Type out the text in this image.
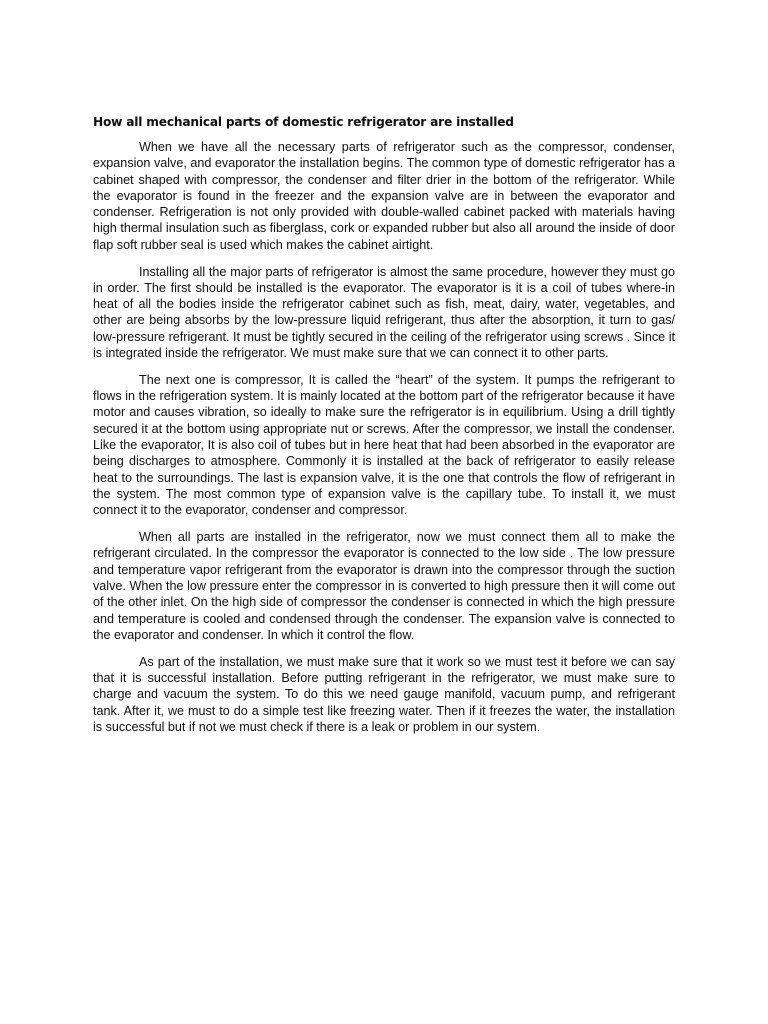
How all mechanical parts of domestic refrigerator are installed

When we have all the necessary parts of refrigerator such as the compressor, condenser, expansion valve, and evaporator the installation begins. The common type of domestic refrigerator has a cabinet shaped with compressor, the condenser and filter drier in the bottom of the refrigerator. While the evaporator is found in the freezer and the expansion valve are in between the evaporator and condenser. Refrigeration is not only provided with double-walled cabinet packed with materials having high thermal insulation such as fiberglass, cork or expanded rubber but also all around the inside of door flap soft rubber seal is used which makes the cabinet airtight.

Installing all the major parts of refrigerator is almost the same procedure, however they must go in order. The first should be installed is the evaporator. The evaporator is it is a coil of tubes where-in heat of all the bodies inside the refrigerator cabinet such as fish, meat, dairy, water, vegetables, and other are being absorbs by the low-pressure liquid refrigerant, thus after the absorption, it turn to gas/ low-pressure refrigerant. It must be tightly secured in the ceiling of the refrigerator using screws . Since it is integrated inside the refrigerator. We must make sure that we can connect it to other parts.

The next one is compressor, It is called the “heart” of the system. It pumps the refrigerant to flows in the refrigeration system. It is mainly located at the bottom part of the refrigerator because it have motor and causes vibration, so ideally to make sure the refrigerator is in equilibrium. Using a drill tightly secured it at the bottom using appropriate nut or screws. After the compressor, we install the condenser. Like the evaporator, It is also coil of tubes but in here heat that had been absorbed in the evaporator are being discharges to atmosphere. Commonly it is installed at the back of refrigerator to easily release heat to the surroundings. The last is expansion valve, it is the one that controls the flow of refrigerant in the system. The most common type of expansion valve is the capillary tube. To install it, we must connect it to the evaporator, condenser and compressor.

When all parts are installed in the refrigerator, now we must connect them all to make the refrigerant circulated. In the compressor the evaporator is connected to the low side . The low pressure and temperature vapor refrigerant from the evaporator is drawn into the compressor through the suction valve. When the low pressure enter the compressor in is converted to high pressure then it will come out of the other inlet. On the high side of compressor the condenser is connected in which the high pressure and temperature is cooled and condensed through the condenser. The expansion valve is connected to the evaporator and condenser. In which it control the flow.

As part of the installation, we must make sure that it work so we must test it before we can say that it is successful installation. Before putting refrigerant in the refrigerator, we must make sure to charge and vacuum the system. To do this we need gauge manifold, vacuum pump, and refrigerant tank. After it, we must to do a simple test like freezing water. Then if it freezes the water, the installation is successful but if not we must check if there is a leak or problem in our system.
